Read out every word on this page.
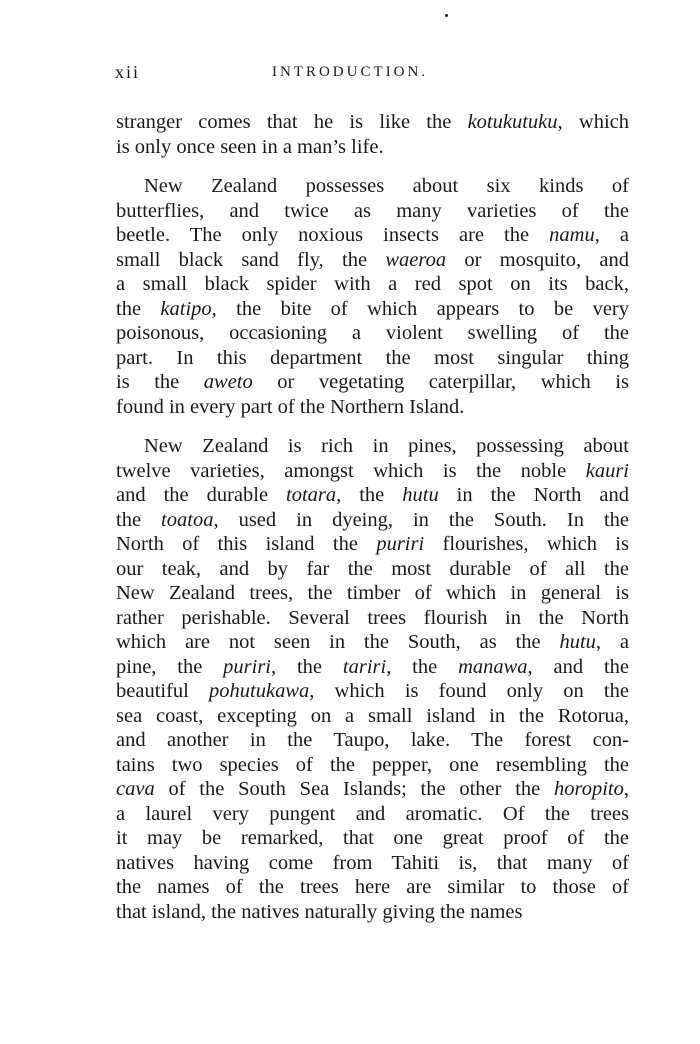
xii	INTRODUCTION.
stranger comes that he is like the kotukutuku, which
is only once seen in a man’s life.
New Zealand possesses about six kinds of
butterflies, and twice as many varieties of the
beetle. The only noxious insects are the namu, a
small black sand fly, the waeroa or mosquito, and
a small black spider with a red spot on its back,
the katipo, the bite of which appears to be very
poisonous, occasioning a violent swelling of the
part. In this department the most singular thing
is the aweto or vegetating caterpillar, which is
found in every part of the Northern Island.
New Zealand is rich in pines, possessing about
twelve varieties, amongst which is the noble kauri
and the durable totara, the hutu in the North and
the toatoa, used in dyeing, in the South. In the
North of this island the puriri flourishes, which is
our teak, and by far the most durable of all the
New Zealand trees, the timber of which in general is
rather perishable. Several trees flourish in the North
which are not seen in the South, as the hutu, a
pine, the puriri, the tariri, the manawa, and the
beautiful pohutukawa, which is found only on the
sea coast, excepting on a small island in the Rotorua,
and another in the Taupo, lake. The forest con-
tains two species of the pepper, one resembling the
cava of the South Sea Islands; the other the horopito,
a laurel very pungent and aromatic. Of the trees
it may be remarked, that one great proof of the
natives having come from Tahiti is, that many of
the names of the trees here are similar to those of
that island, the natives naturally giving the names
